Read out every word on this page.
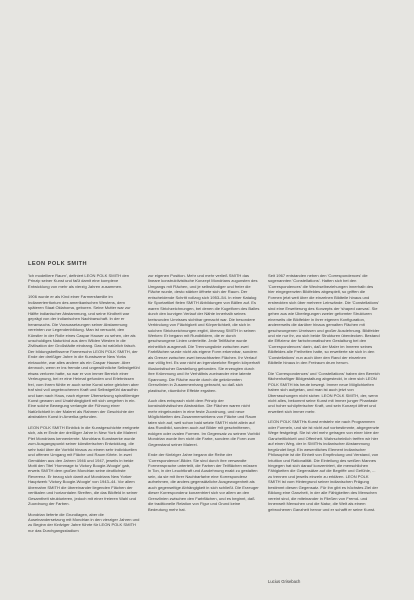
LEON POLK SMITH

'Ich modelliere Raum', definiert LEON POLK SMITH den Prinzip seiner Kunst und faßt damit eine komplexe Entwicklung von mehr als vierzig Jahren zusammen.

1906 wurde er als Kind einer Farmersfamilie im Indianerterritorium des amerikanischen Westens, dem späteren Staat Oklahoma, geboren. Seine Mutter war zur Hälfte indianischer Abstammung, und seine Kindheit war geprägt von der indianischen Nachbarschaft. In der er heranwuchs. Die Voraussetzungen seiner Abstammung vereinten zur Legendenbildung. Man ist versucht, den Künstler in der Rolle eines Caspar Hauser zu sehen, der als unschuldiges Naturkind aus dem Wilden Westen in die Zivilisation der Großstädte eindrang. Das ist natürlich falsch. Der bildungsbeflissene Farmersohn LEON POLK SMITH, der Ende der dreißiger Jahre in die Kunstszene New Yorks eintauchte, war alles andere als ein Caspar Hauser. Aber dennoch, wenn er ins fremde und ungewöhnliche Selbstgefühl etwas verloren hatte, so war er von immer Bereich einer Verleugnung, bei er eine Heimat gefunden und Erlebnissen frei, vom ihrem fühlte er auch seine Kunst seine gleichen aber traf sind voll ungebrochenen Kraft und Selbstgefühl daraufhin und kam nach Haus, nach eigener Übersetzung spiralförmiger Kunst gewann und Unabhängigkeit mit sich umgehen in ein. Eine solche Bewegung verlangte die Führung einer Natürlichkeit in der Malerei als Rahmen der Geschichte der abstrakten Kunst in Amerika gefunden.

LEON POLK SMITH Einblick in die Kunstgeschichte ereignete sich, als er Ende der dreißiger Jahre in New York die Malerei Piet Mondrians kennenlernte. Mondrians Kunstwerke wurde zum Ausgangspunkt seiner künstlerischen Entwicklung, die sehr bald über die Vorbild hinaus zu einem sehr individuellen und offenen Umgang mit Fläche und Raum führte. In zwei Gemälden aus den Jahren 1946 und 1947, jeweils in beide Motti den Titel 'Hommage to Victory Boogie-Woogie' gab, erweis SMITH dem großen Mondrian seine deutlichste Reverenz. Er bezog sich damit auf Mondrians New Yorker Hauptwerk 'Victory Boogie-Woogie' von 1943–44. Vor allem übernahm SMITH die übereinander liegenden Flächen der vertikalen und horizontalen Streifen, die das Bildfeld in seiner Gesamtheit strukturieren, jedoch mit einer freieren Wahl und Zuordnung der Farben.

Mondrian lieferte die Grundlagen, aber die Auseinandersetzung mit Mondrian in den vierziger Jahren und zu Beginn der fünfziger Jahre führte für LEON POLK SMITH nur das Durchgangsstadium

zur eigenen Position. Mehr und mehr verließ SMITH das lineare konstruktivistische Konzept Mondrians zugunsten des Umgangs mit Flächen, und je selbständiger und freier die Fläche wurde, desto stärker öffnete sich der Raum. Der entscheidende Schritt vollzog sich 1953–54. In einer Katalog für Sportartikel fielen SMITH Abbildungen von Bällen auf. Es waren Strichzeichnungen, bei denen die Kugelform des Balles durch den kurvigen Verlauf der Nähte innerhalb seines kreisrunden Umrisses sichtbar gemacht war. Die besondere Verbindung von Flächigkeit und Körperlichkeit, die sich in solchen Strichzeichnungen ergibt, überzog SMITH in seinen Werken: Er begann mit Rundbildern, die er durch geschwungene Linien unterteilte. Jede Teilfläche wurde einheitlich ausgemalt. Die Trennungslinie zwischen zwei Farbflächen wurde nicht als eigene Form erkennbar, sondern als Grenze zwischen zwei benachbarten Flächen. Ihr Verlauf war völlig frei. Es war nicht an irgendwelche Regeln körperhaft illusionistischer Darstellung gebunden. Sie erzeugten durch ihre Krümmung und ihr Verhältnis zueinander eine latente Spannung. Die Fläche wurde durch die gekrümmten Grenzlinien in Zusammenhang gebracht, so daß sich plastische, räumliche Effekte ergaben.

Auch dies entsprach nicht dem Prinzip der konstruktivistischen Abstraktion. Die Flächen waren nicht mehr eingebunden in eine feste Zuordnung, und neue Möglichkeiten des Zusammenwirkens von Fläche und Raum taten sich auf, weil schon bald setzte SMITH nicht allein auf das Rundbild, sondern auch auf Bilder mit geschnittenen, eckigen oder ovalen Formen. Im Gegensatz zu seinem Vorbild Mondrian wurde ihm nicht die Farbe, sondern die Form zum Gegenstand seiner Malerei.

Ende der fünfziger Jahre begann die Reihe der 'Correspondence'-Bilder. Sie sind durch ihre verwandte Formensprache unterteilt, die Farben der Teilflächen müssen in Ton, in der Leuchtkraft und Ausdehnung exakt zu gestalten sein, da sie mit ihrer Nachbarfarbe eine Korrespondenz aufnehmen, die anders gegensätzliche Ausgewogenheit als auch gegenseitige Abhängigkeit in sich schließt. Die Erzeuger dieser Korrespondenz konzentriert sich vor allem an den Grenzlinien zwischen den Farbflächen, und es beginnt, daß die traditionelle Relation von Figur und Grund keine Bedeutung mehr hat.

Seit 1967 entstanden neben den 'Correspondences' die sogenannten 'Constellations'. Hatten sich bei den 'Correspondences' die Wechselbeziehungen innerhalb des hier eingegrenzten Bildfeldes abgespielt, so griffen die Formen jetzt weit über die einzelnen Bildteile hinaus und erstreckten sich über mehrere Leinwände. Die 'Constellations' sind eine Erweiterung des Konzepts der 'shaped canvas'. Sie gehen aus wie Überlegungen zweier geformter Strukturen einerseits die Bildfelder in ihrer eigenen Konfiguration, andererseits die darüber hinaus gemalten Flächen mit geschwungenen Umrissen und großer Ausdehnung. Bildfelder und nie nur ihr, wo sich beide Strukturen überdecken. Bestand die Effizienz der farbchromatischen Gestaltung bei den 'Correspondences' darin, daß der Maler im Inneren seines Bildfeldes alle Freiheiten hatte, so erweiterte sie sich in den 'Constellations' nun auch über den Rand der einzelnen Bildteile hinaus in den Freiraum drum herum.

Die 'Correspondences' und 'Constellations' haben den Bereich flächenhaftiger Bildgestaltung abgesteckt, in dem sich LEON POLK SMITH bis heute bewegt. Immer neue Möglichkeiten haben sich aufgetan, und man ist auch jetzt von Überraschungen nicht sicher. LEON POLK SMITH, der, wenn nicht alles, bekommt seine Kunst mit immer junger Phantasie und hoher schöpferischer Kraft, und sein Konzept öffnet und erweitert sich immer mehr.

LEON POLK SMITHs Kunst entstehr nie nach Programmen oder Formeln, und sie ist nicht auf vorbestimmte, abgegrenzte Wege festgelegt. Sie ist viel mehr getragen von einer Idee der Ganzheitlichkeit und Offenheit. Wahrscheinlich treffen wir hier auf einen Weg, der in SMITHs indianischer Abstammung begründet liegt. Ein wesentliches Element indianischer Philosophie ist die Einheit von Empfindung und Verstand, von Intuition und Rationalität. Die Einteilung des weißen Mannes hingegen hat sich darauf konzentriert, die menschlichen Fähigkeiten die Gegensätze auf die Begriffe und Gefühle, ... zu trennen und jeweils einzeln zu erklären. LEON POLK SMITH ist vom Hintergrund seiner indianischen Prägung bestimmt diesen Gegensatz. Für ihn gibt es höchstes Ziel der Bildung eine Ganzheit, in der alle Fähigkeiten des Menschen vereint sind, die miteinander in Fließen von Fremd- und Innenwelt Menschen und die Natur, die Welt als einem gebrochenen Ganzheit hervor und er schafft er seine Kunst.

Lucius Grisebach
